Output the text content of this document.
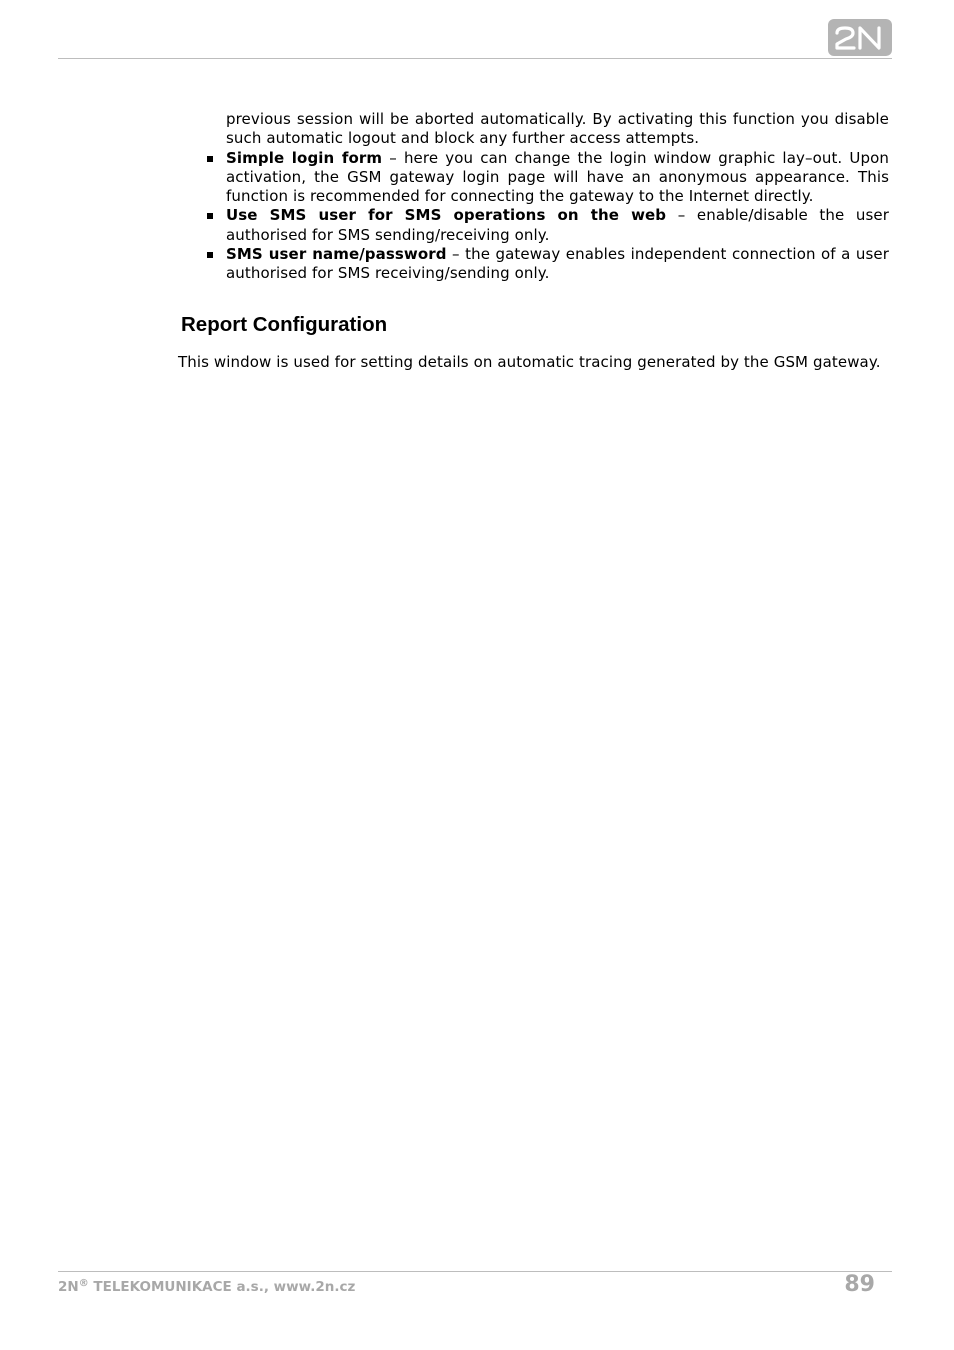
previous session will be aborted automatically. By activating this function you disable such automatic logout and block any further access attempts.

Simple login form – here you can change the login window graphic lay–out. Upon activation, the GSM gateway login page will have an anonymous appearance. This function is recommended for connecting the gateway to the Internet directly.
Use SMS user for SMS operations on the web – enable/disable the user authorised for SMS sending/receiving only.
SMS user name/password – the gateway enables independent connection of a user authorised for SMS receiving/sending only.
Report Configuration

This window is used for setting details on automatic tracing generated by the GSM gateway.

2N® TELEKOMUNIKACE a.s., www.2n.cz	89
